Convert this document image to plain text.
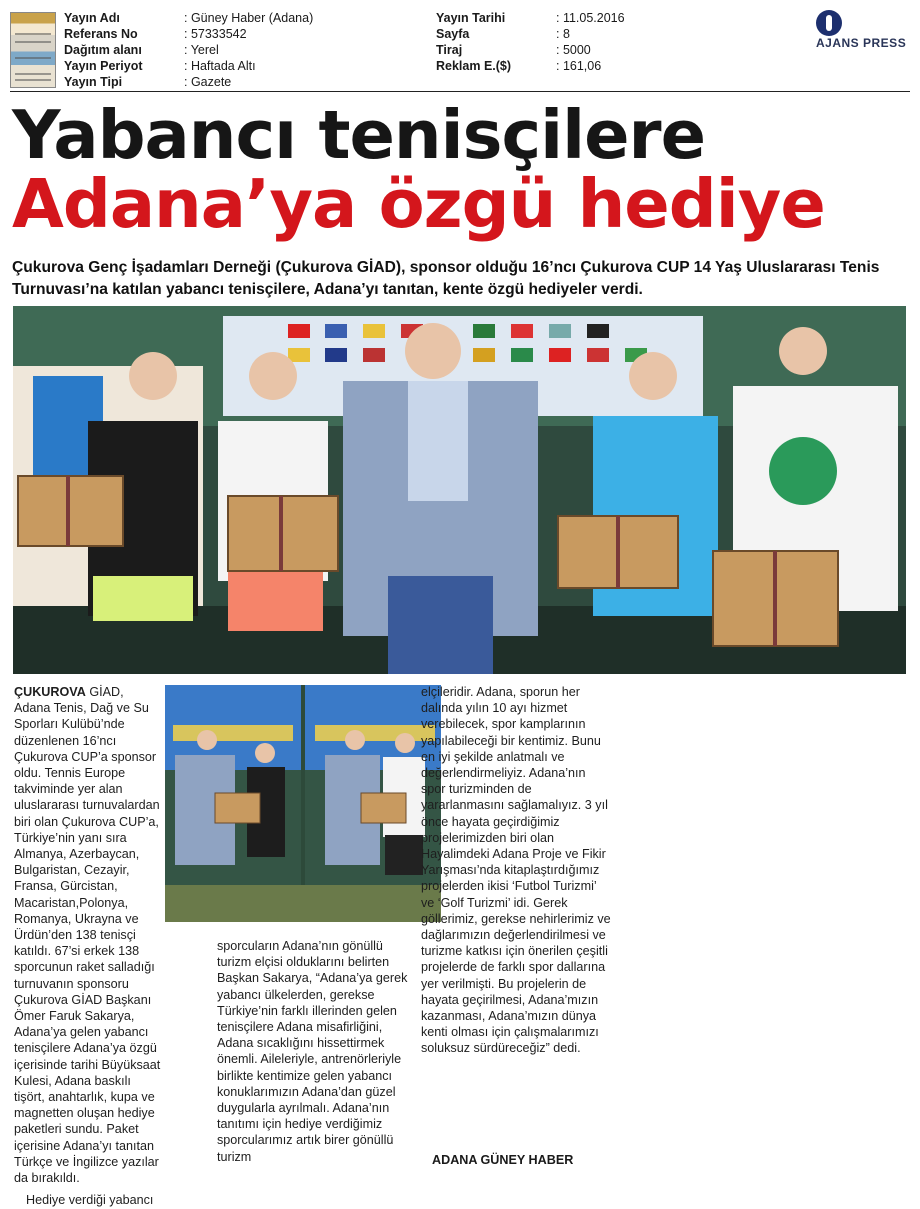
Yayın Adı	: Güney Haber (Adana)
Referans No	: 57333542
Dağıtım alanı	: Yerel
Yayın Periyot	: Haftada Altı
Yayın Tipi	: Gazete
Yayın Tarihi	: 11.05.2016
Sayfa	: 8
Tiraj	: 5000
Reklam E.($)	: 161,06
AJANS PRESS
Yabancı tenisçilere
Adana’ya özgü hediye
Çukurova Genç İşadamları Derneği (Çukurova GİAD), sponsor olduğu 16’ncı Çukurova CUP 14 Yaş Uluslararası Tenis Turnuvası’na katılan yabancı tenisçilere, Adana’yı tanıtan, kente özgü hediyeler verdi.

ÇUKUROVA GİAD, Adana Tenis, Dağ ve Su Sporları Kulübü’nde düzenlenen 16’ncı Çukurova CUP’a sponsor oldu. Tennis Europe takviminde yer alan uluslararası turnuvalardan biri olan Çukurova CUP’a, Türkiye’nin yanı sıra Almanya, Azerbaycan, Bulgaristan, Cezayir, Fransa, Gürcistan, Macaristan,Polonya, Romanya, Ukrayna ve Ürdün’den 138 tenisçi katıldı. 67’si erkek 138 sporcunun raket salladığı turnuvanın sponsoru Çukurova GİAD Başkanı Ömer Faruk Sakarya, Adana’ya gelen yabancı tenisçilere Adana’ya özgü içerisinde tarihi Büyüksaat Kulesi, Adana baskılı tişört, anahtarlık, kupa ve magnetten oluşan hediye paketleri sundu. Paket içerisine Adana’yı tanıtan Türkçe ve İngilizce yazılar da bırakıldı.

Hediye verdiği yabancı

sporcuların Adana’nın gönüllü turizm elçisi olduklarını belirten Başkan Sakarya, “Adana’ya gerek yabancı ülkelerden, gerekse Türkiye’nin farklı illerinden gelen tenisçilere Adana misafirliğini, Adana sıcaklığını hissettirmek önemli. Aileleriyle, antrenörleriyle birlikte kentimize gelen yabancı konuklarımızın Adana’dan güzel duygularla ayrılmalı. Adana’nın tanıtımı için hediye verdiğimiz sporcularımız artık birer gönüllü turizm

elçileridir. Adana, sporun her dalında yılın 10 ayı hizmet verebilecek, spor kamplarının yapılabileceği bir kentimiz. Bunu en iyi şekilde anlatmalı ve değerlendirmeliyiz. Adana’nın spor turizminden de yararlanmasını sağlamalıyız. 3 yıl önce hayata geçirdiğimiz projelerimizden biri olan Hayalimdeki Adana Proje ve Fikir Yarışması’nda kitaplaştırdığımız projelerden ikisi ‘Futbol Turizmi’ ve ‘Golf Turizmi’ idi. Gerek göllerimiz, gerekse nehirlerimiz ve dağlarımızın değerlendirilmesi ve turizme katkısı için önerilen çeşitli projelerde de farklı spor dallarına yer verilmişti. Bu projelerin de hayata geçirilmesi, Adana’mızın kazanması, Adana’mızın dünya kenti olması için çalışmalarımızı soluksuz sürdüreceğiz” dedi.

ADANA GÜNEY HABER
